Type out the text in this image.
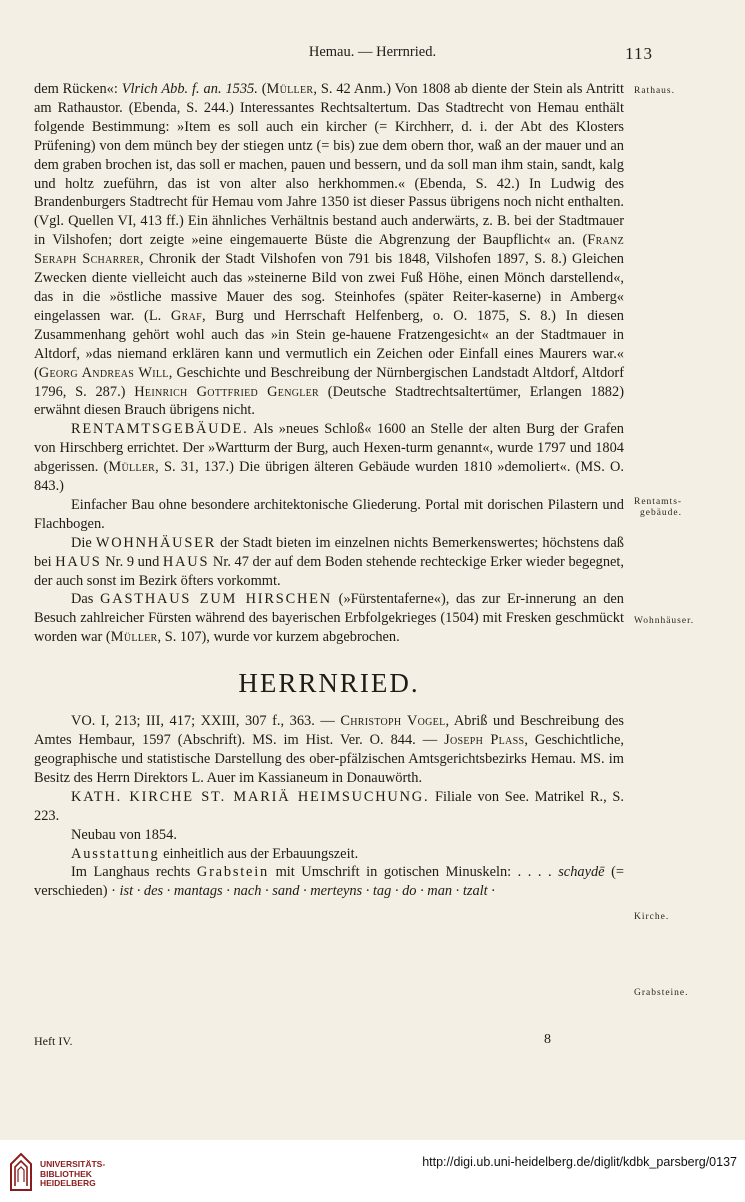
Hemau. — Herrnried.	113
Rathaus.
Rentamts-
gebäude.
Wohnhäuser.
Kirche.
Grabsteine.

dem Rücken«: Vlrich Abb. f. an. 1535. (Müller, S. 42 Anm.) Von 1808 ab diente der Stein als Antritt am Rathaustor. (Ebenda, S. 244.) Interessantes Rechtsaltertum. Das Stadtrecht von Hemau enthält folgende Bestimmung: »Item es soll auch ein kircher (= Kirchherr, d. i. der Abt des Klosters Prüfening) von dem münch bey der stiegen untz (= bis) zue dem obern thor, waß an der mauer und an dem graben brochen ist, das soll er machen, pauen und bessern, und da soll man ihm stain, sandt, kalg und holtz zueführn, das ist von alter also herkhommen.« (Ebenda, S. 42.) In Ludwig des Brandenburgers Stadtrecht für Hemau vom Jahre 1350 ist dieser Passus übrigens noch nicht enthalten. (Vgl. Quellen VI, 413 ff.) Ein ähnliches Verhältnis bestand auch anderwärts, z. B. bei der Stadtmauer in Vilshofen; dort zeigte »eine eingemauerte Büste die Abgrenzung der Baupflicht« an. (Franz Seraph Scharrer, Chronik der Stadt Vilshofen von 791 bis 1848, Vilshofen 1897, S. 8.) Gleichen Zwecken diente vielleicht auch das »steinerne Bild von zwei Fuß Höhe, einen Mönch darstellend«, das in die »östliche massive Mauer des sog. Steinhofes (später Reiter-kaserne) in Amberg« eingelassen war. (L. Graf, Burg und Herrschaft Helfenberg, o. O. 1875, S. 8.) In diesen Zusammenhang gehört wohl auch das »in Stein ge-hauene Fratzengesicht« an der Stadtmauer in Altdorf, »das niemand erklären kann und vermutlich ein Zeichen oder Einfall eines Maurers war.« (Georg Andreas Will, Geschichte und Beschreibung der Nürnbergischen Landstadt Altdorf, Altdorf 1796, S. 287.) Heinrich Gottfried Gengler (Deutsche Stadtrechtsaltertümer, Erlangen 1882) erwähnt diesen Brauch übrigens nicht.

RENTAMTSGEBÄUDE. Als »neues Schloß« 1600 an Stelle der alten Burg der Grafen von Hirschberg errichtet. Der »Wartturm der Burg, auch Hexen-turm genannt«, wurde 1797 und 1804 abgerissen. (Müller, S. 31, 137.) Die übrigen älteren Gebäude wurden 1810 »demoliert«. (MS. O. 843.)

Einfacher Bau ohne besondere architektonische Gliederung. Portal mit dorischen Pilastern und Flachbogen.

Die WOHNHÄUSER der Stadt bieten im einzelnen nichts Bemerkenswertes; höchstens daß bei HAUS Nr. 9 und HAUS Nr. 47 der auf dem Boden stehende rechteckige Erker wieder begegnet, der auch sonst im Bezirk öfters vorkommt.

Das GASTHAUS ZUM HIRSCHEN (»Fürstentaferne«), das zur Er-innerung an den Besuch zahlreicher Fürsten während des bayerischen Erbfolgekrieges (1504) mit Fresken geschmückt worden war (Müller, S. 107), wurde vor kurzem abgebrochen.

HERRNRIED.

VO. I, 213; III, 417; XXIII, 307 f., 363. — Christoph Vogel, Abriß und Beschreibung des Amtes Hembaur, 1597 (Abschrift). MS. im Hist. Ver. O. 844. — Joseph Plass, Geschichtliche, geographische und statistische Darstellung des ober-pfälzischen Amtsgerichtsbezirks Hemau. MS. im Besitz des Herrn Direktors L. Auer im Kassianeum in Donauwörth.

KATH. KIRCHE ST. MARIÄ HEIMSUCHUNG. Filiale von See. Matrikel R., S. 223.

Neubau von 1854.

Ausstattung einheitlich aus der Erbauungszeit.

Im Langhaus rechts Grabstein mit Umschrift in gotischen Minuskeln: . . . . schaydē (= verschieden) · ist · des · mantags · nach · sand · merteyns · tag · do · man · tzalt ·

Heft IV.	8
UNIVERSITÄTS-
BIBLIOTHEK
HEIDELBERG
http://digi.ub.uni-heidelberg.de/diglit/kdbk_parsberg/0137
